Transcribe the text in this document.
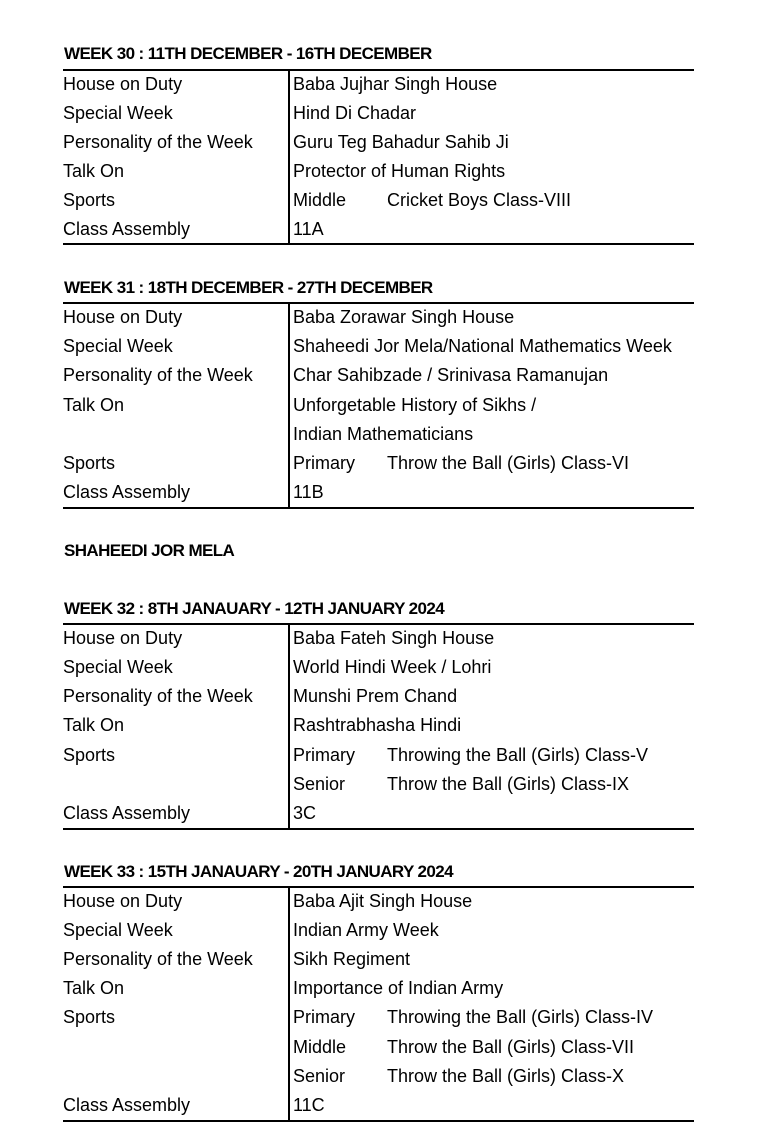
WEEK 30 : 11TH DECEMBER - 16TH DECEMBER
House on Duty	Baba Jujhar Singh House
Special Week	Hind Di Chadar
Personality of the Week Guru Teg Bahadur Sahib Ji
Talk On	Protector of Human Rights
Sports	Middle Cricket Boys Class-VIII
Class Assembly	11A
WEEK 31 : 18TH DECEMBER - 27TH DECEMBER
House on Duty	Baba Zorawar Singh House
Special Week	Shaheedi Jor Mela/National Mathematics Week
Personality of the Week Char Sahibzade / Srinivasa Ramanujan
Talk On	Unforgetable History of Sikhs /
Indian Mathematicians
Sports	Primary Throw the Ball (Girls) Class-VI
Class Assembly	11B
SHAHEEDI JOR MELA
WEEK 32 : 8TH JANAUARY - 12TH JANUARY 2024
House on Duty	Baba Fateh Singh House
Special Week	World Hindi Week / Lohri
Personality of the Week Munshi Prem Chand
Talk On	Rashtrabhasha Hindi
Sports	Primary Throwing the Ball (Girls) Class-V
Senior Throw the Ball (Girls) Class-IX
Class Assembly	3C
WEEK 33 : 15TH JANAUARY - 20TH JANUARY 2024
House on Duty	Baba Ajit Singh House
Special Week	Indian Army Week
Personality of the Week Sikh Regiment
Talk On	Importance of Indian Army
Sports	Primary Throwing the Ball (Girls) Class-IV
Middle Throw the Ball (Girls) Class-VII
Senior Throw the Ball (Girls) Class-X
Class Assembly	11C
